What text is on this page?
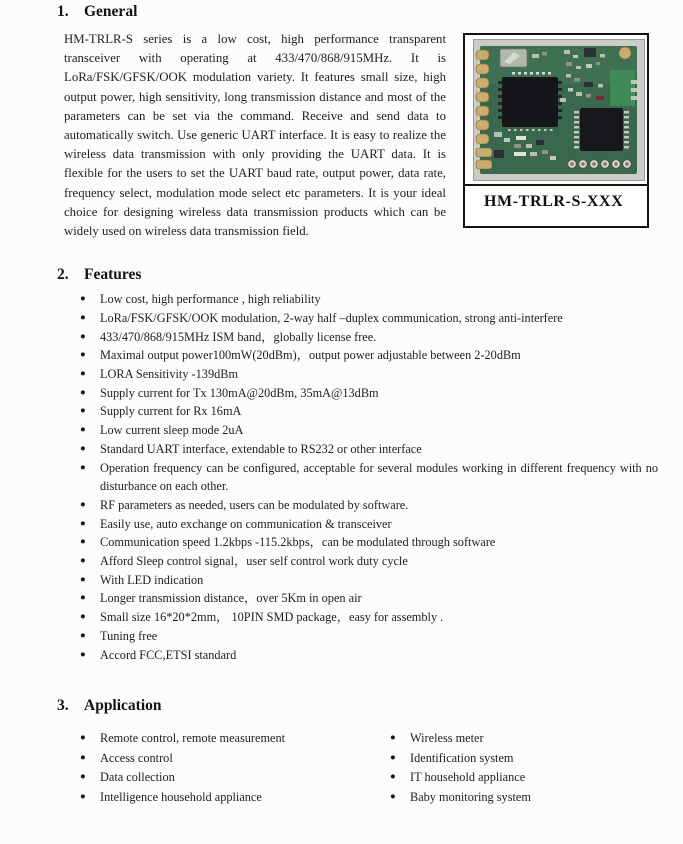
1. General

HM-TRLR-S series is a low cost, high performance transparent transceiver with operating at 433/470/868/915MHz. It is LoRa/FSK/GFSK/OOK modulation variety. It features small size, high output power, high sensitivity, long transmission distance and most of the parameters can be set via the command. Receive and send data to automatically switch. Use generic UART interface. It is easy to realize the wireless data transmission with only providing the UART data. It is flexible for the users to set the UART baud rate, output power, data rate, frequency select, modulation mode select etc parameters. It is your ideal choice for designing wireless data transmission products which can be widely used on wireless data transmission field.

HM-TRLR-S-XXX
2. Features
●	Low cost, high performance , high reliability
●	LoRa/FSK/GFSK/OOK modulation, 2-way half –duplex communication, strong anti-interfere
●	433/470/868/915MHz ISM band，globally license free.
●	Maximal output power100mW(20dBm)，output power adjustable between 2-20dBm
●	LORA Sensitivity -139dBm
●	Supply current for Tx 130mA@20dBm, 35mA@13dBm
●	Supply current for Rx 16mA
●	Low current sleep mode 2uA
●	Standard UART interface, extendable to RS232 or other interface
●	Operation frequency can be configured, acceptable for several modules working in different frequency with no disturbance on each other.
●	RF parameters as needed, users can be modulated by software.
●	Easily use, auto exchange on communication & transceiver
●	Communication speed 1.2kbps -115.2kbps，can be modulated through software
●	Afford Sleep control signal，user self control work duty cycle
●	With LED indication
●	Longer transmission distance，over 5Km in open air
●	Small size 16*20*2mm， 10PIN SMD package，easy for assembly .
●	Tuning free
●	Accord FCC,ETSI standard
3. Application
●	Remote control, remote measurement
●	Access control
●	Data collection
●	Intelligence household appliance
●	Wireless meter
●	Identification system
●	IT household appliance
●	Baby monitoring system
